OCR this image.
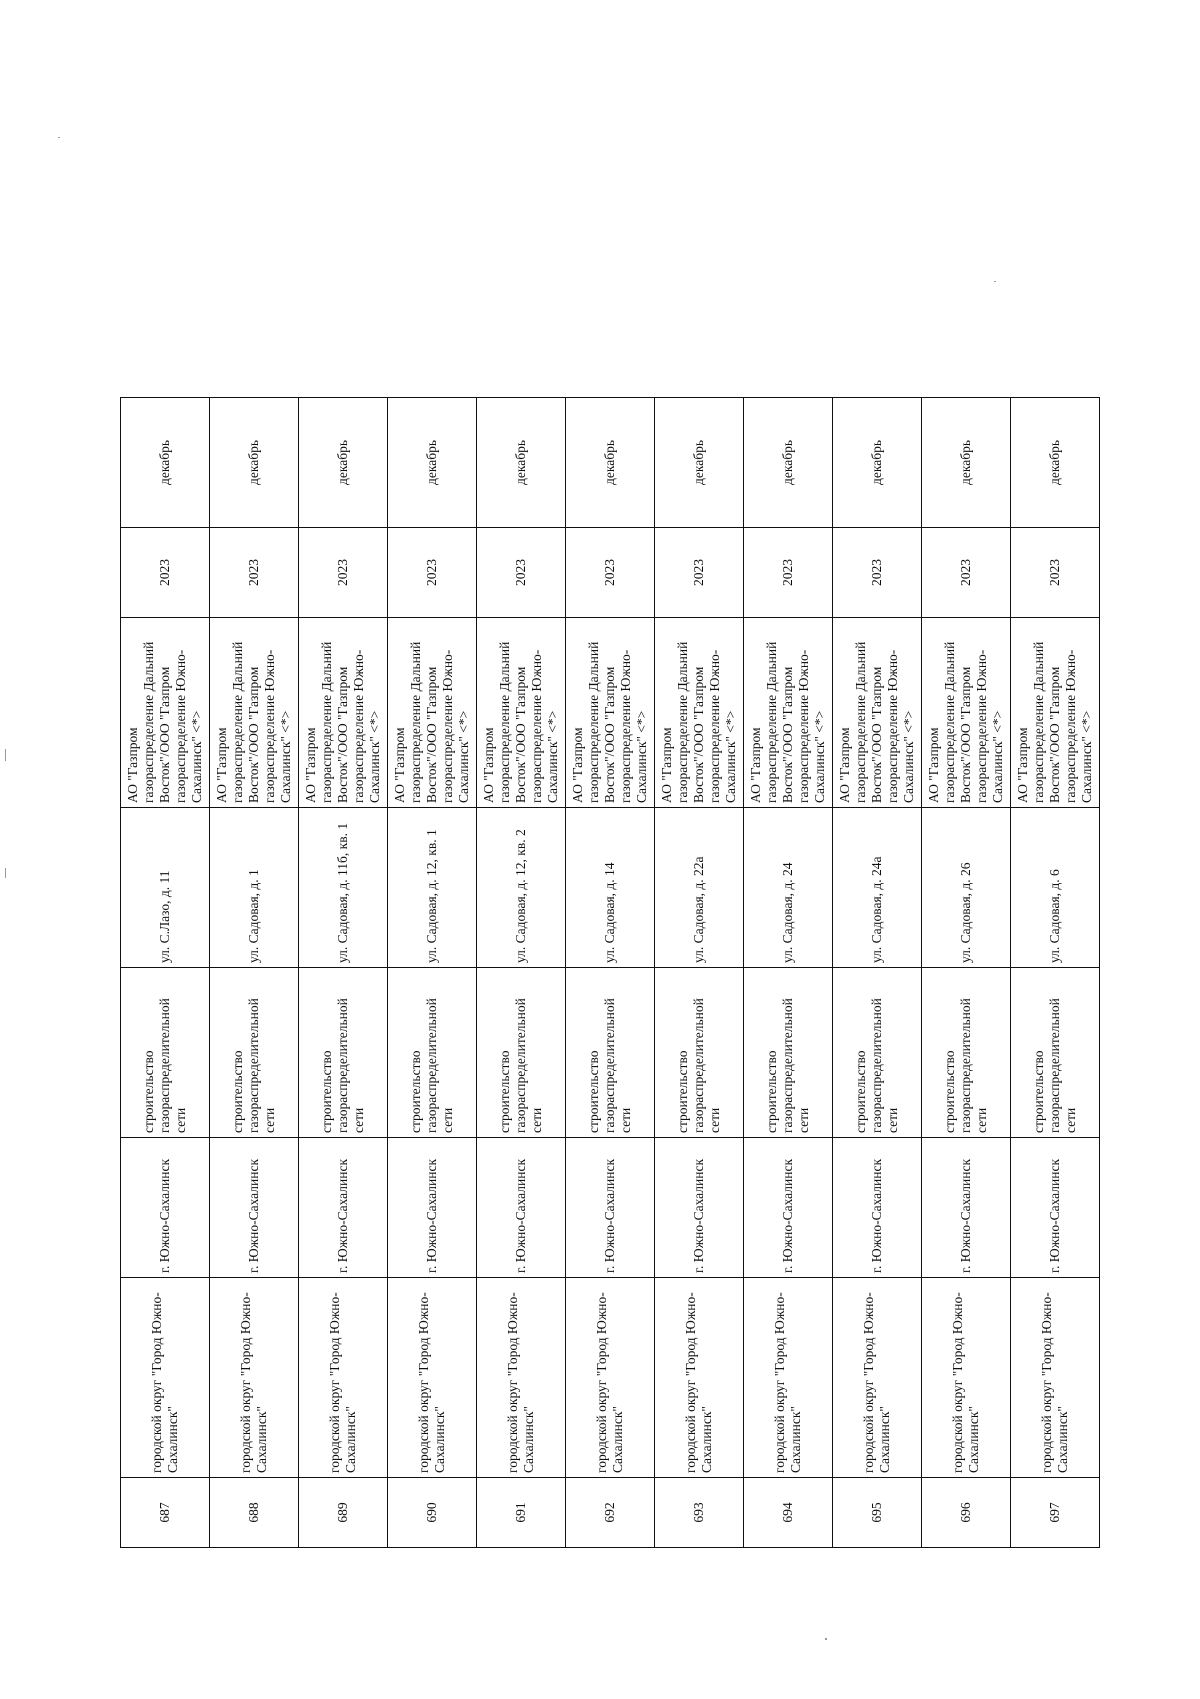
687	городской округ "Город Южно-Сахалинск"	г. Южно-Сахалинск	строительство газораспределительной сети	ул. С.Лазо, д. 11	АО "Газпром газораспределение Дальний Восток"/ООО "Газпром газораспределение Южно-Сахалинск" <*>	2023	декабрь
688	городской округ "Город Южно-Сахалинск"	г. Южно-Сахалинск	строительство газораспределительной сети	ул. Садовая, д. 1	АО "Газпром газораспределение Дальний Восток"/ООО "Газпром газораспределение Южно-Сахалинск" <*>	2023	декабрь
689	городской округ "Город Южно-Сахалинск"	г. Южно-Сахалинск	строительство газораспределительной сети	ул. Садовая, д. 11б, кв. 1	АО "Газпром газораспределение Дальний Восток"/ООО "Газпром газораспределение Южно-Сахалинск" <*>	2023	декабрь
690	городской округ "Город Южно-Сахалинск"	г. Южно-Сахалинск	строительство газораспределительной сети	ул. Садовая, д. 12, кв. 1	АО "Газпром газораспределение Дальний Восток"/ООО "Газпром газораспределение Южно-Сахалинск" <*>	2023	декабрь
691	городской округ "Город Южно-Сахалинск"	г. Южно-Сахалинск	строительство газораспределительной сети	ул. Садовая, д. 12, кв. 2	АО "Газпром газораспределение Дальний Восток"/ООО "Газпром газораспределение Южно-Сахалинск" <*>	2023	декабрь
692	городской округ "Город Южно-Сахалинск"	г. Южно-Сахалинск	строительство газораспределительной сети	ул. Садовая, д. 14	АО "Газпром газораспределение Дальний Восток"/ООО "Газпром газораспределение Южно-Сахалинск" <*>	2023	декабрь
693	городской округ "Город Южно-Сахалинск"	г. Южно-Сахалинск	строительство газораспределительной сети	ул. Садовая, д. 22а	АО "Газпром газораспределение Дальний Восток"/ООО "Газпром газораспределение Южно-Сахалинск" <*>	2023	декабрь
694	городской округ "Город Южно-Сахалинск"	г. Южно-Сахалинск	строительство газораспределительной сети	ул. Садовая, д. 24	АО "Газпром газораспределение Дальний Восток"/ООО "Газпром газораспределение Южно-Сахалинск" <*>	2023	декабрь
695	городской округ "Город Южно-Сахалинск"	г. Южно-Сахалинск	строительство газораспределительной сети	ул. Садовая, д. 24а	АО "Газпром газораспределение Дальний Восток"/ООО "Газпром газораспределение Южно-Сахалинск" <*>	2023	декабрь
696	городской округ "Город Южно-Сахалинск"	г. Южно-Сахалинск	строительство газораспределительной сети	ул. Садовая, д. 26	АО "Газпром газораспределение Дальний Восток"/ООО "Газпром газораспределение Южно-Сахалинск" <*>	2023	декабрь
697	городской округ "Город Южно-Сахалинск"	г. Южно-Сахалинск	строительство газораспределительной сети	ул. Садовая, д. 6	АО "Газпром газораспределение Дальний Восток"/ООО "Газпром газораспределение Южно-Сахалинск" <*>	2023	декабрь
